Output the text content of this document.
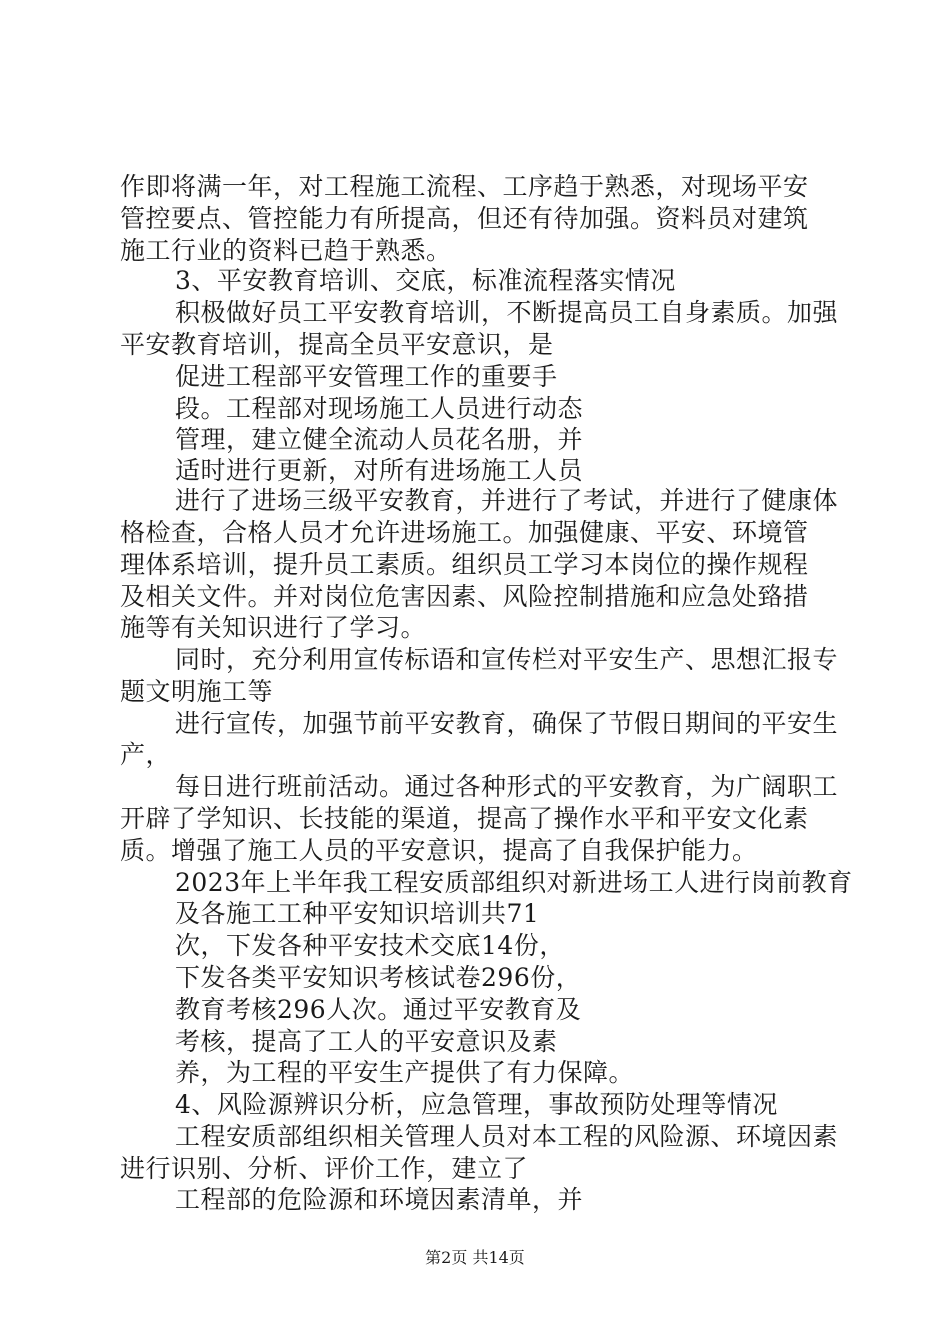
作即将满一年，对工程施工流程、工序趋于熟悉，对现场平安
管控要点、管控能力有所提高，但还有待加强。资料员对建筑
施工行业的资料已趋于熟悉。
3、平安教育培训、交底，标准流程落实情况
积极做好员工平安教育培训，不断提高员工自身素质。加强
平安教育培训，提高全员平安意识，是
促进工程部平安管理工作的重要手
段。工程部对现场施工人员进行动态
管理，建立健全流动人员花名册，并
适时进行更新，对所有进场施工人员
进行了进场三级平安教育，并进行了考试，并进行了健康体
格检查，合格人员才允许进场施工。加强健康、平安、环境管
理体系培训，提升员工素质。组织员工学习本岗位的操作规程
及相关文件。并对岗位危害因素、风险控制措施和应急处臵措
施等有关知识进行了学习。
同时，充分利用宣传标语和宣传栏对平安生产、思想汇报专
题文明施工等
进行宣传，加强节前平安教育，确保了节假日期间的平安生
产，
每日进行班前活动。通过各种形式的平安教育，为广阔职工
开辟了学知识、长技能的渠道，提高了操作水平和平安文化素
质。增强了施工人员的平安意识，提高了自我保护能力。
2023年上半年我工程安质部组织对新进场工人进行岗前教育
及各施工工种平安知识培训共71
次，下发各种平安技术交底14份，
下发各类平安知识考核试卷296份，
教育考核296人次。通过平安教育及
考核，提高了工人的平安意识及素
养，为工程的平安生产提供了有力保障。
4、风险源辨识分析，应急管理，事故预防处理等情况
工程安质部组织相关管理人员对本工程的风险源、环境因素
进行识别、分析、评价工作，建立了
工程部的危险源和环境因素清单，并
第2页 共14页
